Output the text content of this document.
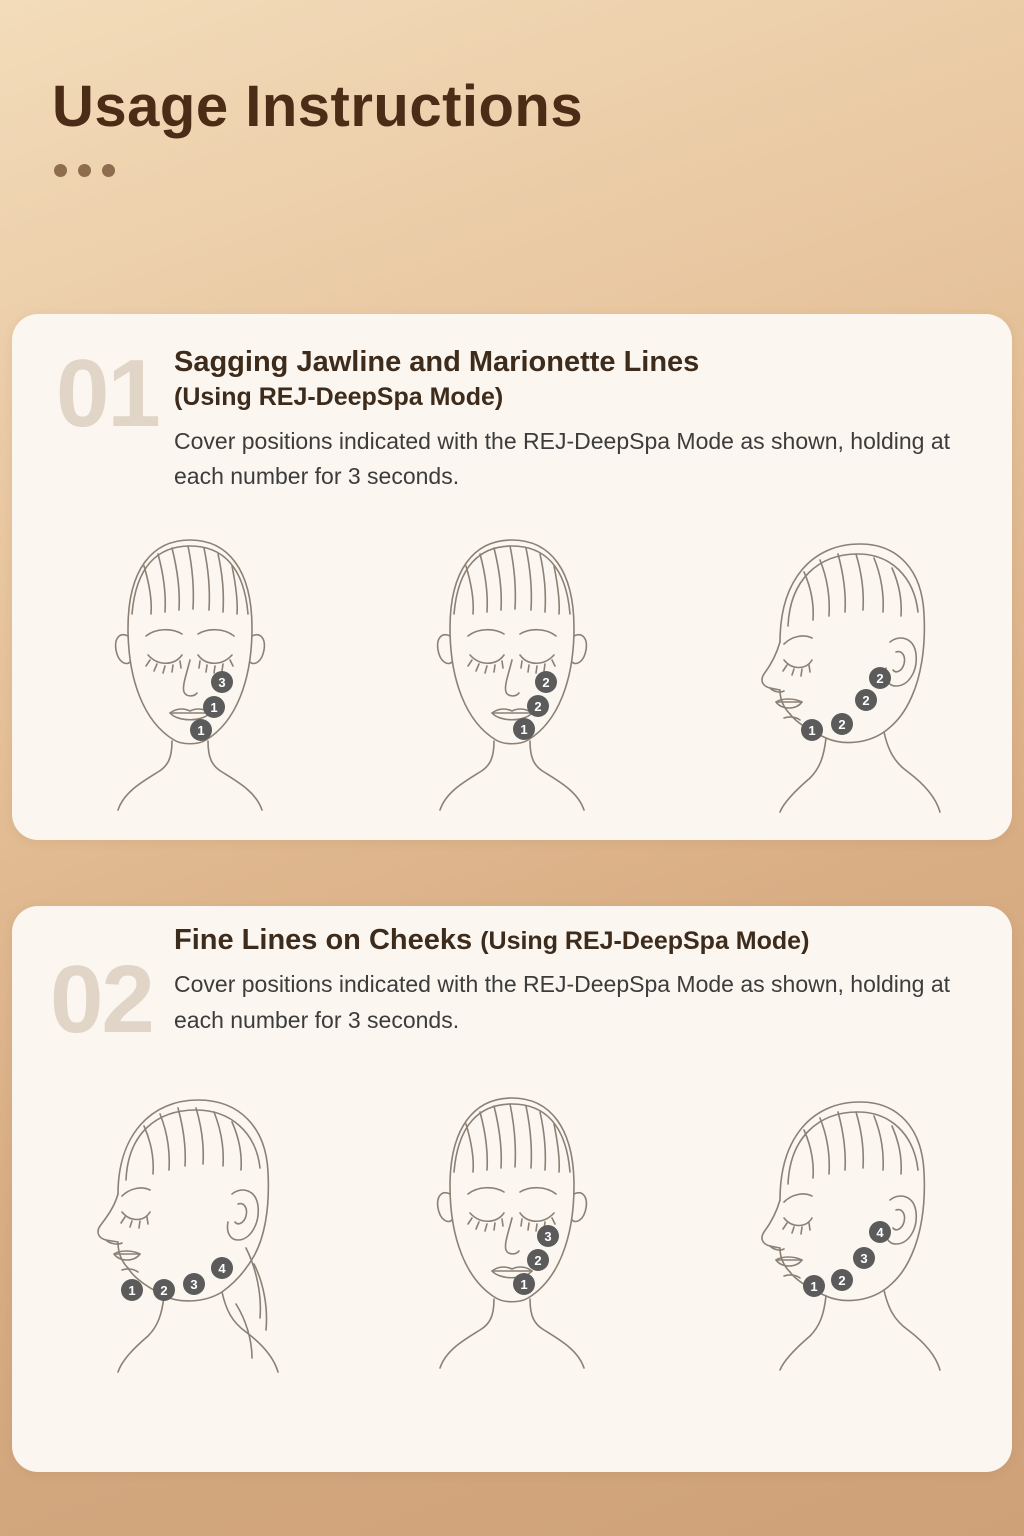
Usage Instructions
01 Sagging Jawline and Marionette Lines
(Using REJ-DeepSpa Mode)
Cover positions indicated with the REJ-DeepSpa Mode as shown, holding at each number for 3 seconds.
3
1
1
2
2
1
2
2
1 2
02
Fine Lines on Cheeks (Using REJ-DeepSpa Mode)
Cover positions indicated with the REJ-DeepSpa Mode as shown, holding at each number for 3 seconds.
1 2 3
4
3
2
1
4
3
1 2
